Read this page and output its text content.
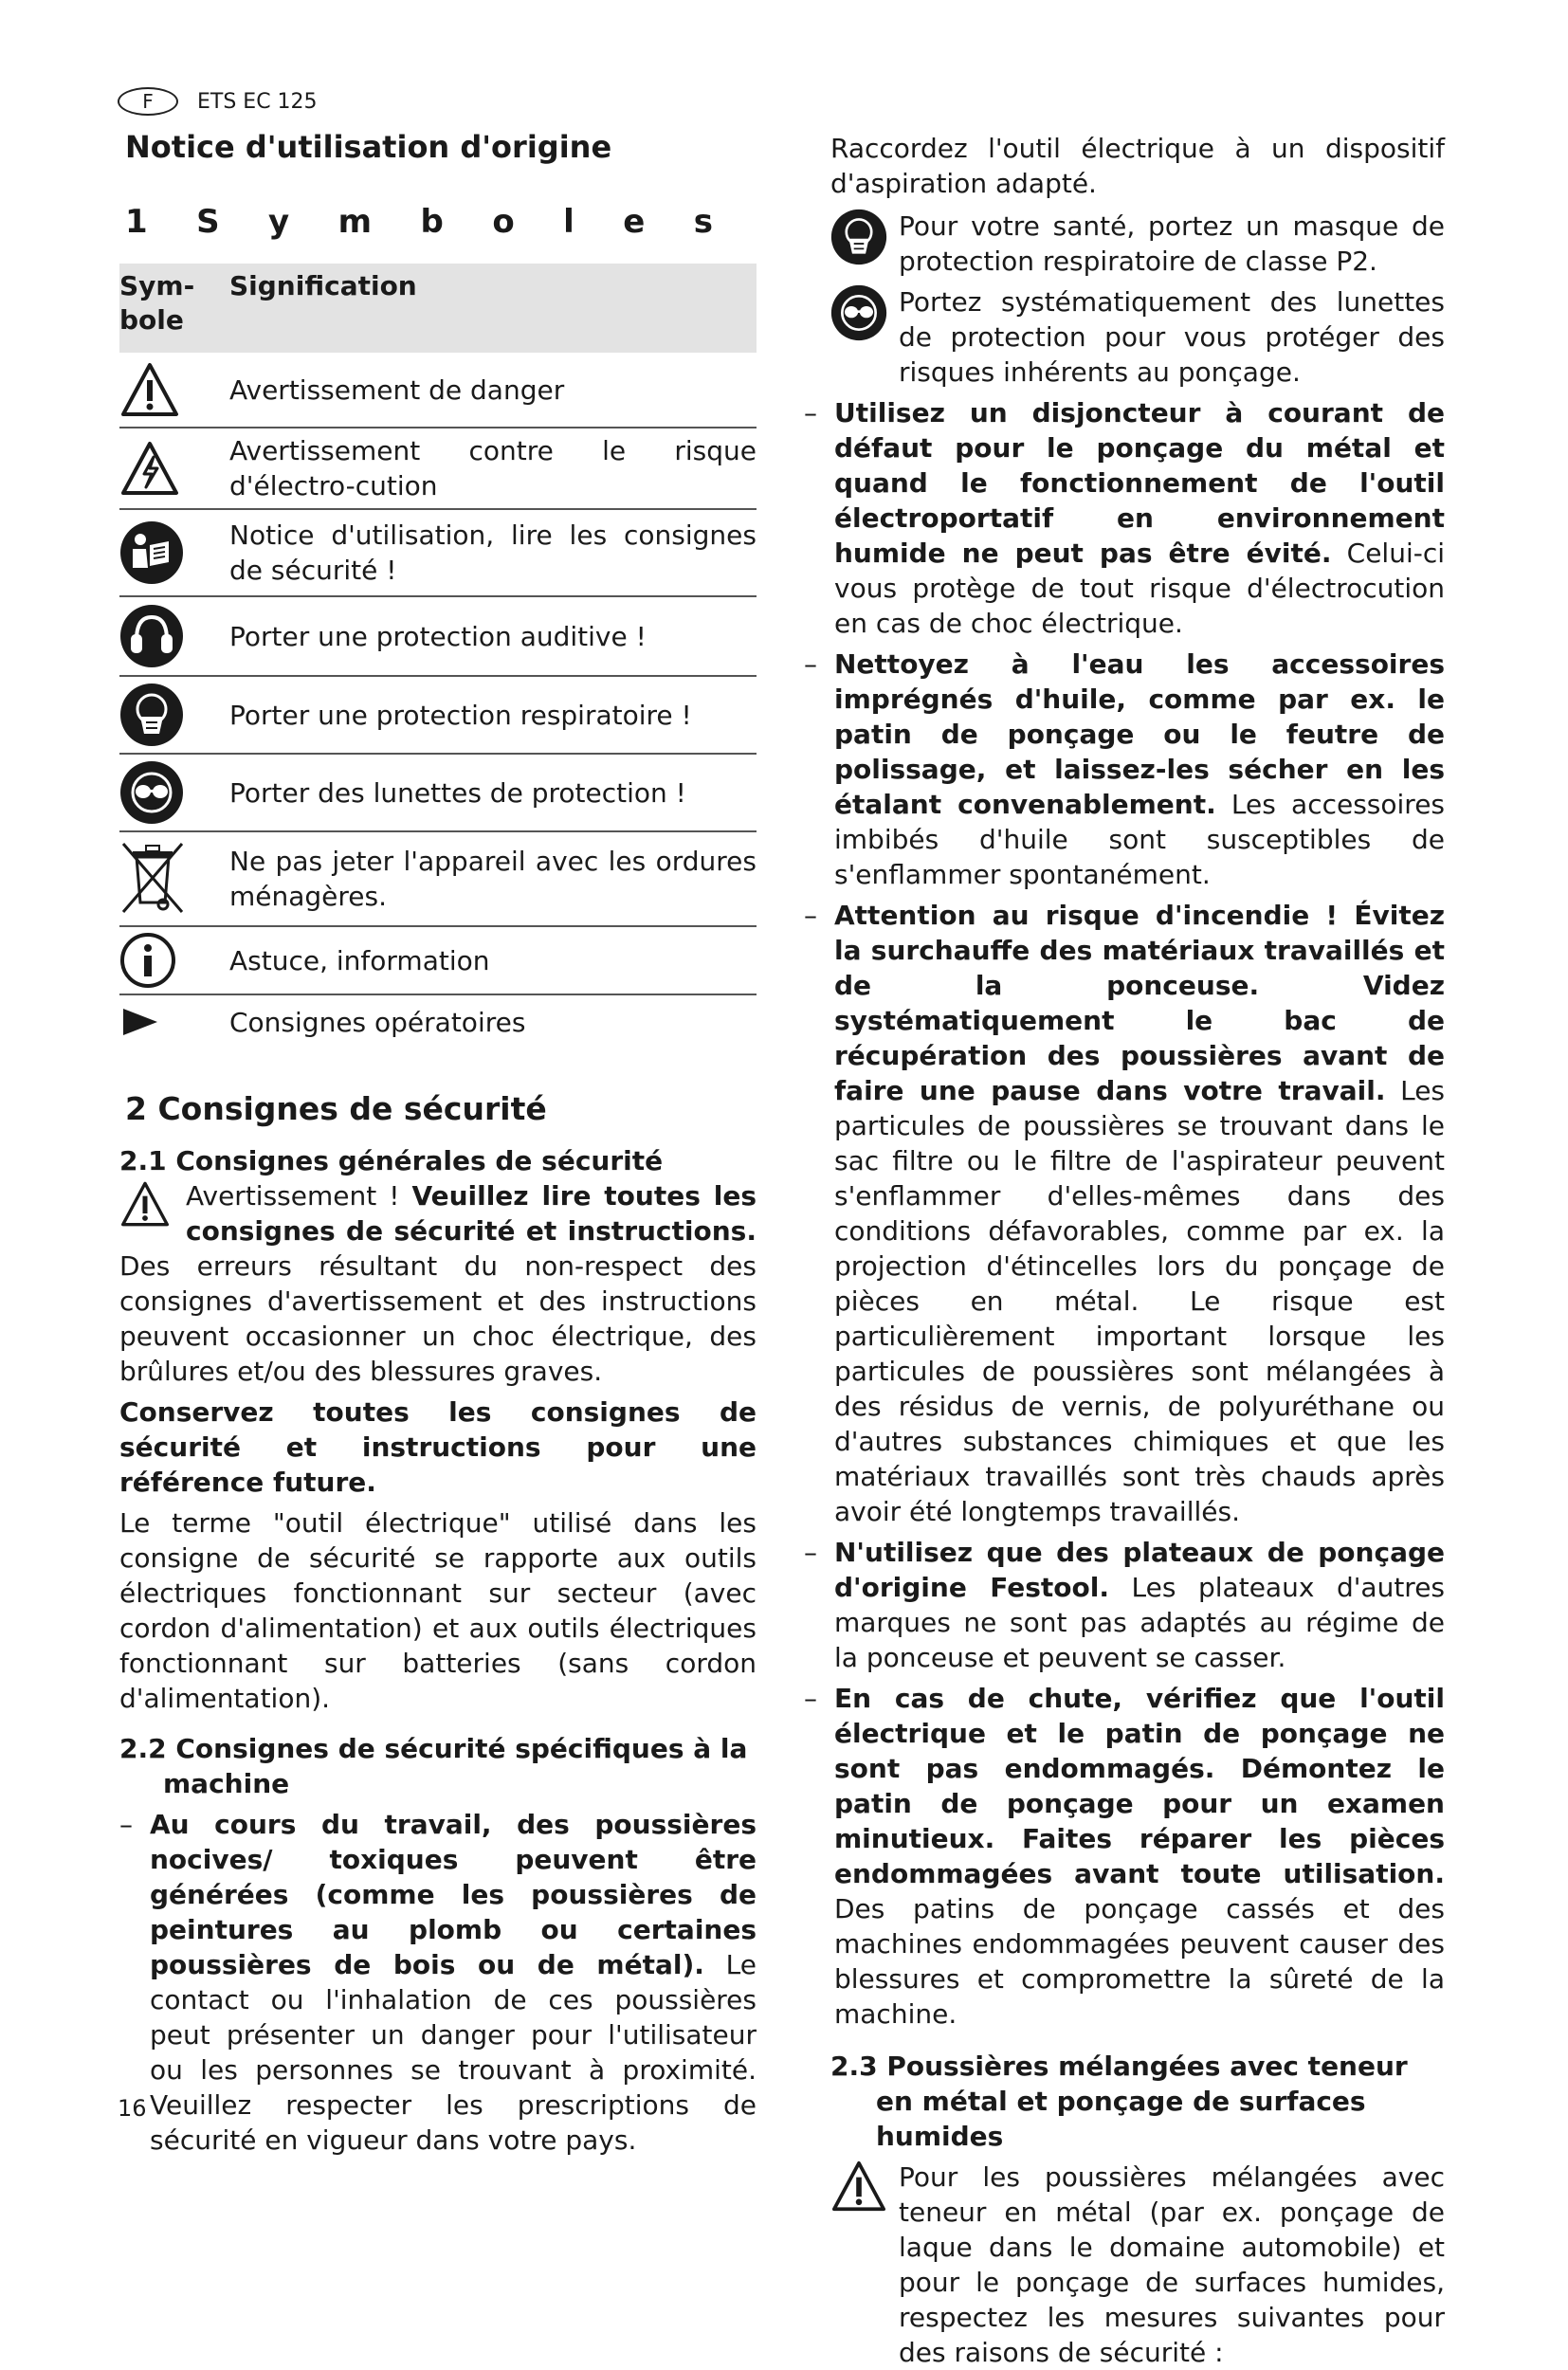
F	ETS EC 125
Notice d'utilisation d'origine
1 S y m b o l e s
Sym-
bole
Signification
Avertissement de danger
Avertissement contre le risque d'électro-cution
Notice d'utilisation, lire les consignes de sécurité !
Porter une protection auditive !
Porter une protection respiratoire !
Porter des lunettes de protection !
Ne pas jeter l'appareil avec les ordures ménagères.
Astuce, information
Consignes opératoires
2 Consignes de sécurité
2.1 Consignes générales de sécurité
Avertissement ! Veuillez lire toutes les consignes de sécurité et instructions. Des erreurs résultant du non-respect des consignes d'avertissement et des instructions peuvent occasionner un choc électrique, des brûlures et/ou des blessures graves.
Conservez toutes les consignes de sécurité et instructions pour une référence future.
Le terme "outil électrique" utilisé dans les consigne de sécurité se rapporte aux outils électriques fonctionnant sur secteur (avec cordon d'alimentation) et aux outils électriques fonctionnant sur batteries (sans cordon d'alimentation).
2.2 Consignes de sécurité spécifiques à la machine
– Au cours du travail, des poussières nocives/ toxiques peuvent être générées (comme les poussières de peintures au plomb ou certaines poussières de bois ou de métal). Le contact ou l'inhalation de ces poussières peut présenter un danger pour l'utilisateur ou les personnes se trouvant à proximité. Veuillez respecter les prescriptions de sécurité en vigueur dans votre pays.
Raccordez l'outil électrique à un dispositif d'aspiration adapté.
Pour votre santé, portez un masque de protection respiratoire de classe P2.
Portez systématiquement des lunettes de protection pour vous protéger des risques inhérents au ponçage.
– Utilisez un disjoncteur à courant de défaut pour le ponçage du métal et quand le fonctionnement de l'outil électroportatif en environnement humide ne peut pas être évité. Celui-ci vous protège de tout risque d'électrocution en cas de choc électrique.
– Nettoyez à l'eau les accessoires imprégnés d'huile, comme par ex. le patin de ponçage ou le feutre de polissage, et laissez-les sécher en les étalant convenablement. Les accessoires imbibés d'huile sont susceptibles de s'enflammer spontanément.
– Attention au risque d'incendie ! Évitez la surchauffe des matériaux travaillés et de la ponceuse. Videz systématiquement le bac de récupération des poussières avant de faire une pause dans votre travail. Les particules de poussières se trouvant dans le sac filtre ou le filtre de l'aspirateur peuvent s'enflammer d'elles-mêmes dans des conditions défavorables, comme par ex. la projection d'étincelles lors du ponçage de pièces en métal. Le risque est particulièrement important lorsque les particules de poussières sont mélangées à des résidus de vernis, de polyuréthane ou d'autres substances chimiques et que les matériaux travaillés sont très chauds après avoir été longtemps travaillés.
– N'utilisez que des plateaux de ponçage d'origine Festool. Les plateaux d'autres marques ne sont pas adaptés au régime de la ponceuse et peuvent se casser.
– En cas de chute, vérifiez que l'outil électrique et le patin de ponçage ne sont pas endommagés. Démontez le patin de ponçage pour un examen minutieux. Faites réparer les pièces endommagées avant toute utilisation. Des patins de ponçage cassés et des machines endommagées peuvent causer des blessures et compromettre la sûreté de la machine.
2.3 Poussières mélangées avec teneur en métal et ponçage de surfaces humides
Pour les poussières mélangées avec teneur en métal (par ex. ponçage de laque dans le domaine automobile) et pour le ponçage de surfaces humides, respectez les mesures suivantes pour des raisons de sécurité :
16
